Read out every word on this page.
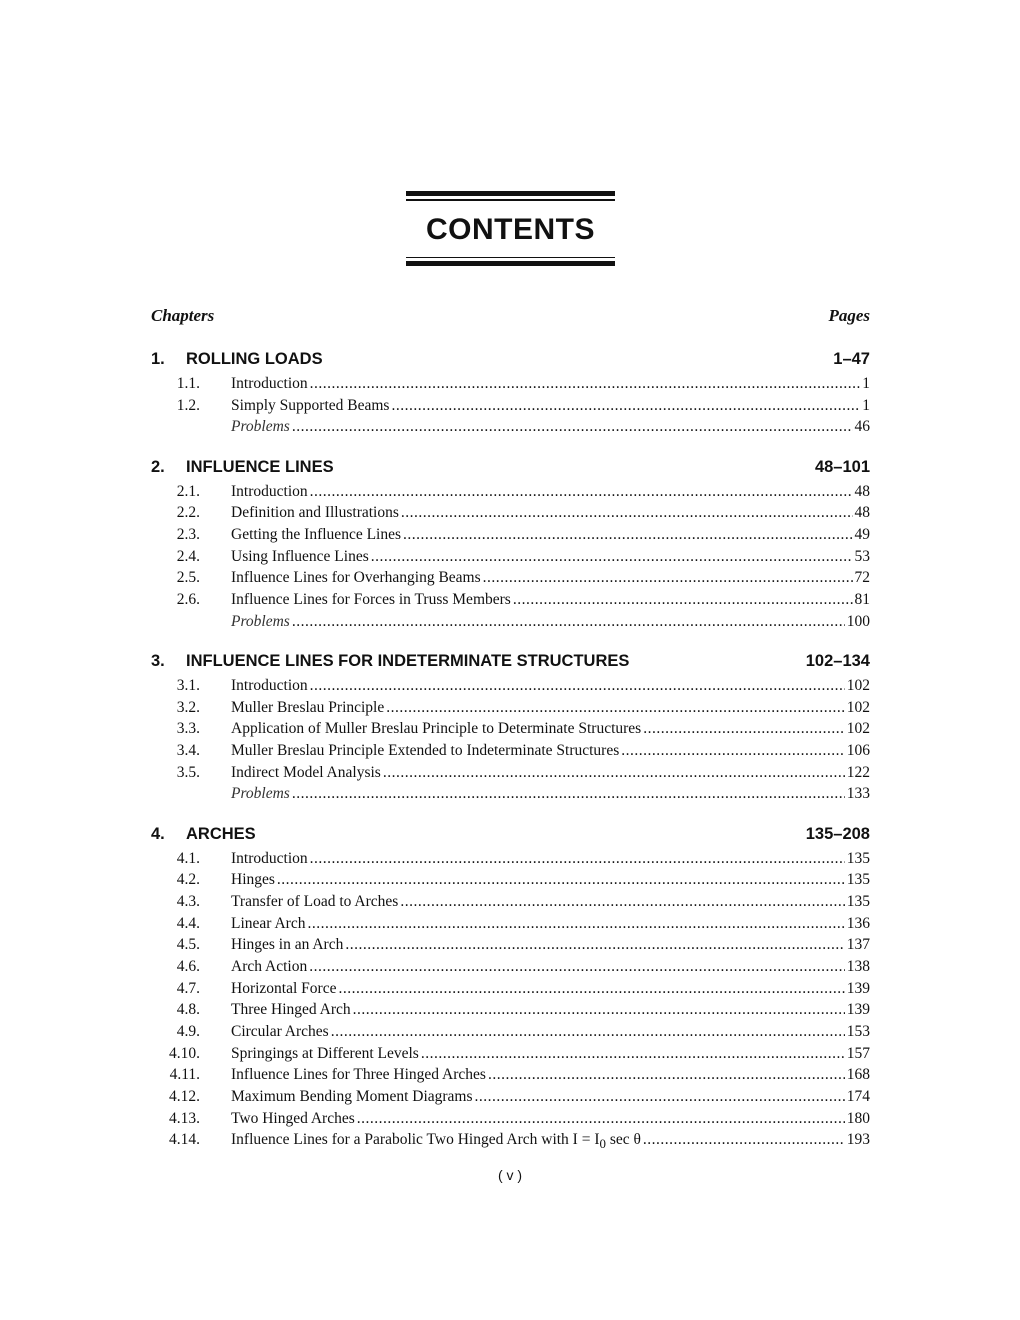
CONTENTS
Chapters	Pages
1. ROLLING LOADS	1–47
1.1.	Introduction .....	1
1.2.	Simply Supported Beams .....	1
Problems .....	46
2. INFLUENCE LINES	48–101
2.1.	Introduction .....	48
2.2.	Definition and Illustrations .....	48
2.3.	Getting the Influence Lines .....	49
2.4.	Using Influence Lines .....	53
2.5.	Influence Lines for Overhanging Beams .....	72
2.6.	Influence Lines for Forces in Truss Members .....	81
Problems .....	100
3. INFLUENCE LINES FOR INDETERMINATE STRUCTURES	102–134
3.1.	Introduction .....	102
3.2.	Muller Breslau Principle .....	102
3.3.	Application of Muller Breslau Principle to Determinate Structures .....	102
3.4.	Muller Breslau Principle Extended to Indeterminate Structures .....	106
3.5.	Indirect Model Analysis .....	122
Problems .....	133
4. ARCHES	135–208
4.1.	Introduction .....	135
4.2.	Hinges .....	135
4.3.	Transfer of Load to Arches .....	135
4.4.	Linear Arch .....	136
4.5.	Hinges in an Arch .....	137
4.6.	Arch Action .....	138
4.7.	Horizontal Force .....	139
4.8.	Three Hinged Arch .....	139
4.9.	Circular Arches .....	153
4.10.	Springings at Different Levels .....	157
4.11.	Influence Lines for Three Hinged Arches .....	168
4.12.	Maximum Bending Moment Diagrams .....	174
4.13.	Two Hinged Arches .....	180
4.14.	Influence Lines for a Parabolic Two Hinged Arch with $I = I_0$ sec θ .....	193
( v )
